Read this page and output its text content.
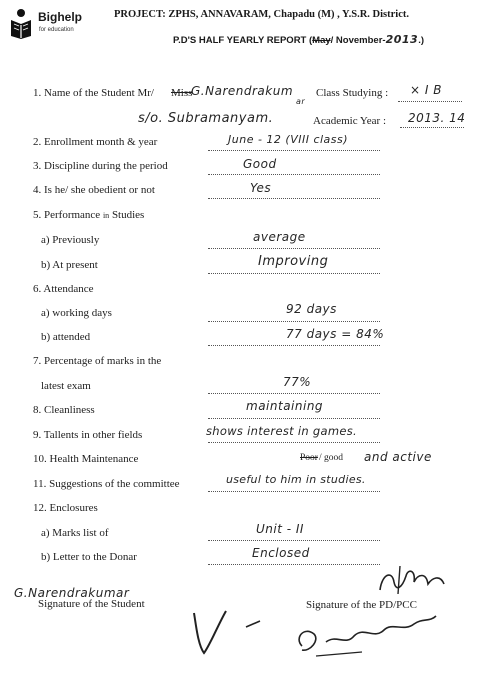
Bighelp
for education
PROJECT: ZPHS, ANNAVARAM, Chapadu (M) , Y.S.R. District.
P.D'S HALF YEARLY REPORT (May/ November-2013.)
1. Name of the Student Mr/ Miss
G.Narendrakum
ar
Class Studying : × I B
s/o. Subramanyam.	Academic Year : 2013. 14
2. Enrollment month & year	June - 12 (VIII class)
3. Discipline during the period	Good
4. Is he/ she obedient or not	Yes
5. Performance in Studies
a) Previously	average
b) At present	Improving
6. Attendance
a) working days	92 days
b) attended	77 days = 84%
7. Percentage of marks in the
latest exam	77%
8. Cleanliness	maintaining
9. Tallents in other fields	shows interest in games.
10. Health Maintenance	Poor / good and active
11. Suggestions of the committee	useful to him in studies.
12. Enclosures
a) Marks list of	Unit - II
b) Letter to the Donar	Enclosed
G.Narendrakumar
Signature of the Student	Signature of the PD/PCC
